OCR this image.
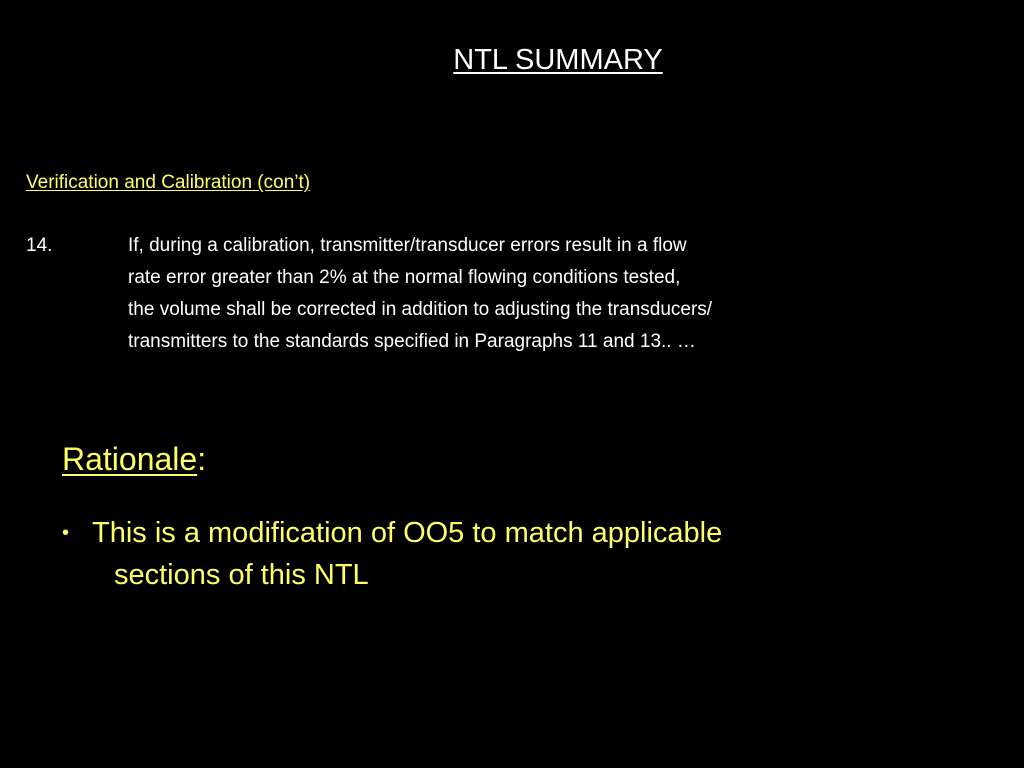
NTL SUMMARY
Verification and Calibration (con’t)
14.	If, during a calibration, transmitter/transducer errors result in a flow
rate error greater than 2% at the normal flowing conditions tested,
the volume shall be corrected in addition to adjusting the transducers/
transmitters to the standards specified in Paragraphs 11 and 13.. …
Rationale:
• This is a modification of OO5 to match applicable
sections of this NTL
